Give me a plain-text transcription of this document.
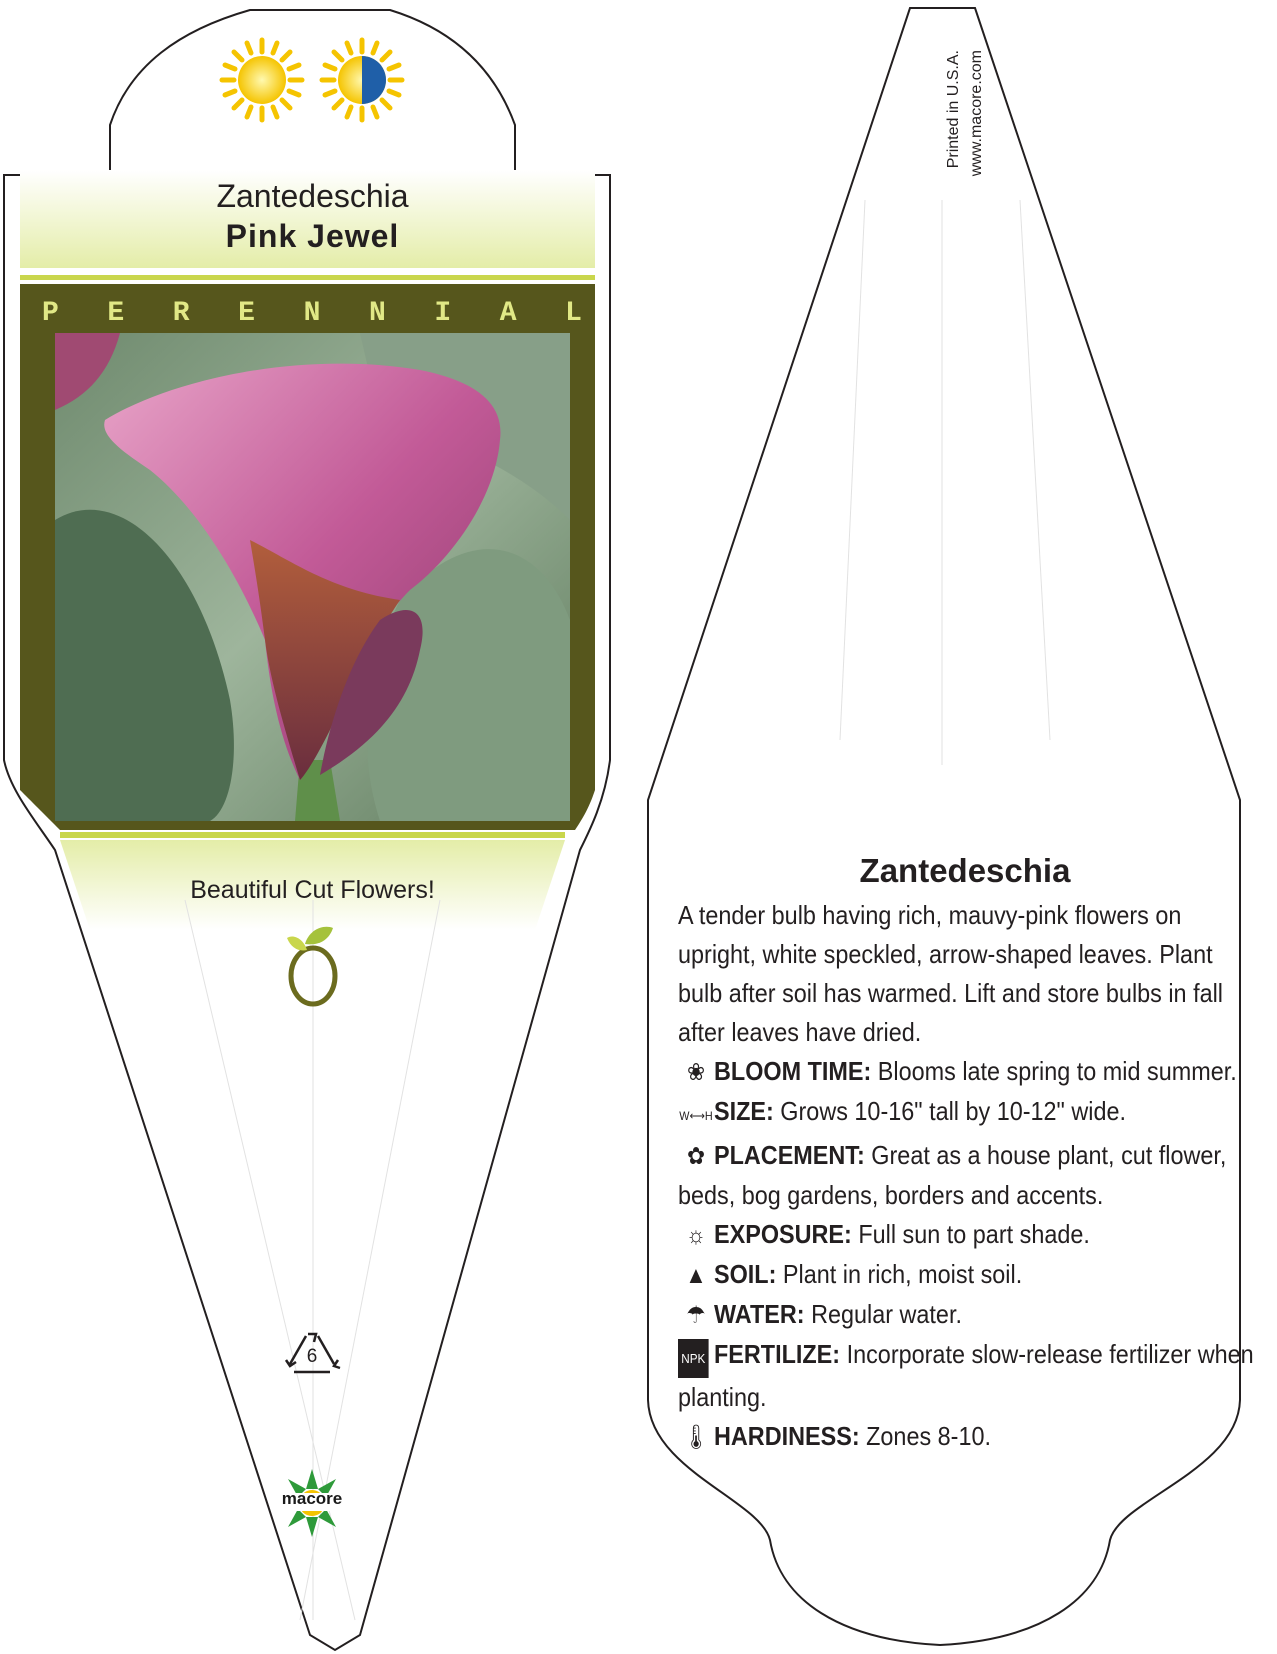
Zantedeschia
Pink Jewel
P E R E N N I A L
Beautiful Cut Flowers!
6
macore
Printed in U.S.A. www.macore.com
Zantedeschia
A tender bulb having rich, mauvy-pink flowers on upright, white speckled, arrow-shaped leaves. Plant bulb after soil has warmed. Lift and store bulbs in fall after leaves have dried.
❀ BLOOM TIME: Blooms late spring to mid summer.
W⟷HSIZE: Grows 10-16" tall by 10-12" wide.
✿ PLACEMENT: Great as a house plant, cut flower, beds, bog gardens, borders and accents.
☼ EXPOSURE: Full sun to part shade.
▲ SOIL: Plant in rich, moist soil.
☂ WATER: Regular water.
NPK FERTILIZE: Incorporate slow-release fertilizer when planting.
🌡 HARDINESS: Zones 8-10.
